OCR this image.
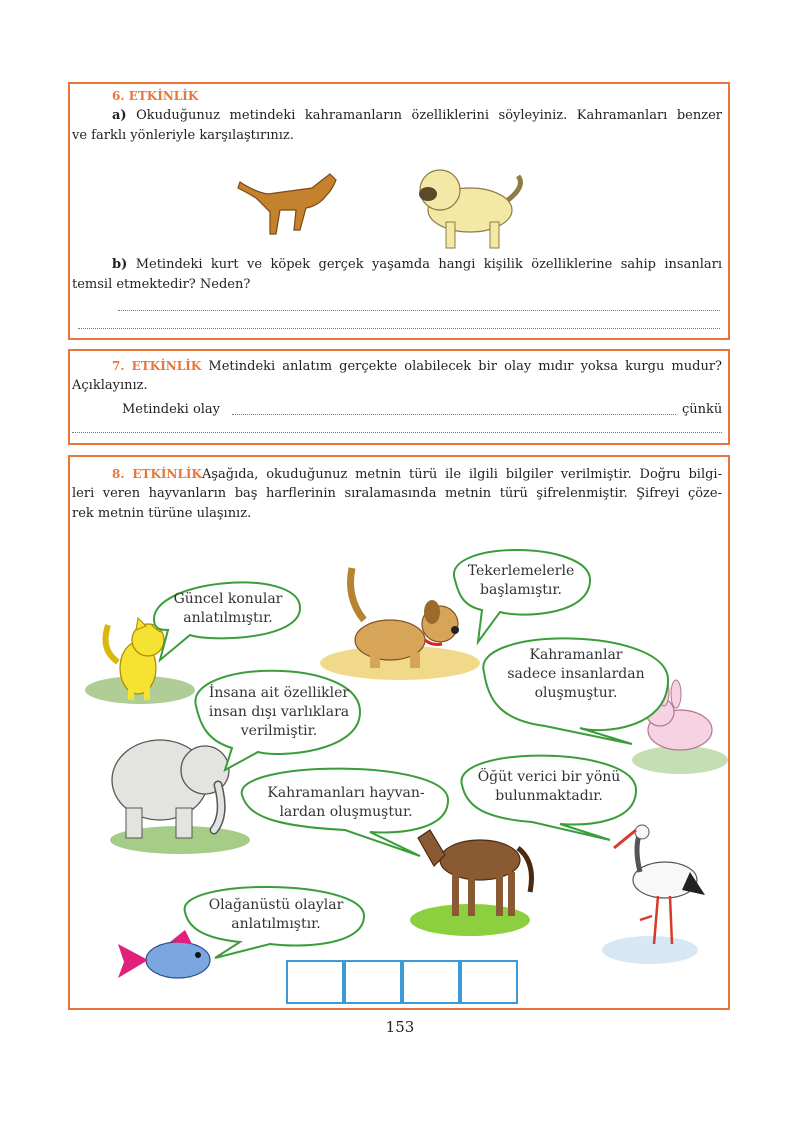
6. ETKİNLİK
a) Okuduğunuz metindeki kahramanların özelliklerini söyleyiniz. Kahramanları benzer
ve farklı yönleriyle karşılaştırınız.
b) Metindeki kurt ve köpek gerçek yaşamda hangi kişilik özelliklerine sahip insanları
temsil etmektedir? Neden?
7. ETKİNLİK Metindeki anlatım gerçekte olabilecek bir olay mıdır yoksa kurgu mudur?
Açıklayınız.
Metindeki olay	çünkü
8. ETKİNLİKAşağıda, okuduğunuz metnin türü ile ilgili bilgiler verilmiştir. Doğru bilgi-
leri veren hayvanların baş harflerinin sıralamasında metnin türü şifrelenmiştir. Şifreyi çöze-
rek metnin türüne ulaşınız.
Güncel konular
anlatılmıştır.
Tekerlemelerle
başlamıştır.
Kahramanlar
sadece insanlardan
oluşmuştur.
İnsana ait özellikler
insan dışı varlıklara
verilmiştir.
Kahramanları hayvan-
lardan oluşmuştur.
Öğüt verici bir yönü
bulunmaktadır.
Olağanüstü olaylar
anlatılmıştır.
153
